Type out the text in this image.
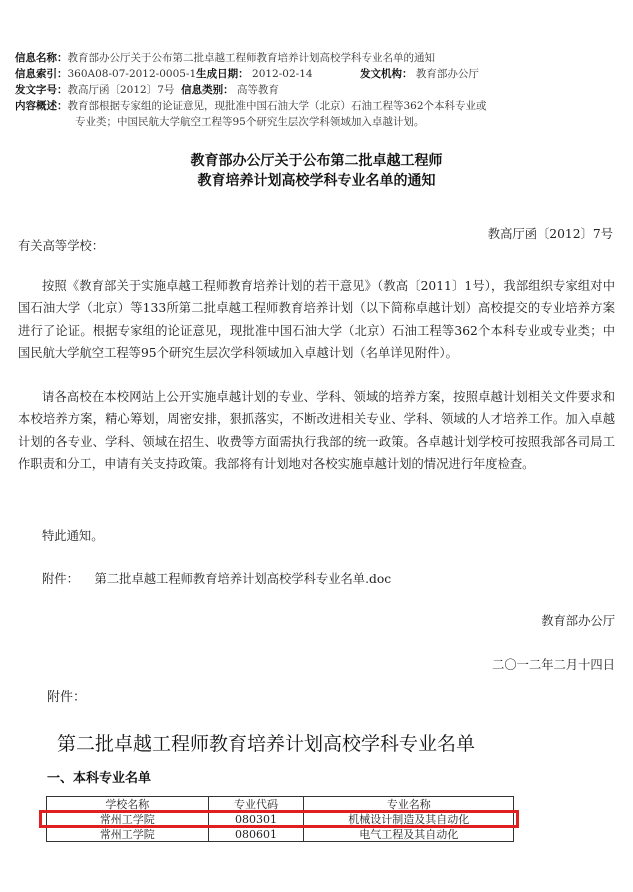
信息名称：教育部办公厅关于公布第二批卓越工程师教育培养计划高校学科专业名单的通知
信息索引：360A08-07-2012-0005-1生成日期： 2012-02-14	发文机构： 教育部办公厅
发文字号：教高厅函〔2012〕7号 信息类别： 高等教育
内容概述：教育部根据专家组的论证意见，现批准中国石油大学（北京）石油工程等362个本科专业或
专业类；中国民航大学航空工程等95个研究生层次学科领域加入卓越计划。
教育部办公厅关于公布第二批卓越工程师
教育培养计划高校学科专业名单的通知
教高厅函〔2012〕7号
有关高等学校：
按照《教育部关于实施卓越工程师教育培养计划的若干意见》（教高〔2011〕1号），我部组织专家组对中国石油大学（北京）等133所第二批卓越工程师教育培养计划（以下简称卓越计划）高校提交的专业培养方案进行了论证。根据专家组的论证意见，现批准中国石油大学（北京）石油工程等362个本科专业或专业类；中国民航大学航空工程等95个研究生层次学科领域加入卓越计划（名单详见附件）。
请各高校在本校网站上公开实施卓越计划的专业、学科、领域的培养方案，按照卓越计划相关文件要求和本校培养方案，精心筹划，周密安排，狠抓落实，不断改进相关专业、学科、领域的人才培养工作。加入卓越计划的各专业、学科、领域在招生、收费等方面需执行我部的统一政策。各卓越计划学校可按照我部各司局工作职责和分工，申请有关支持政策。我部将有计划地对各校实施卓越计划的情况进行年度检查。
特此通知。
附件： 第二批卓越工程师教育培养计划高校学科专业名单.doc
教育部办公厅
二〇一二年二月十四日
附件：
第二批卓越工程师教育培养计划高校学科专业名单
一、本科专业名单
学校名称	专业代码	专业名称
常州工学院	080301	机械设计制造及其自动化
常州工学院	080601	电气工程及其自动化
